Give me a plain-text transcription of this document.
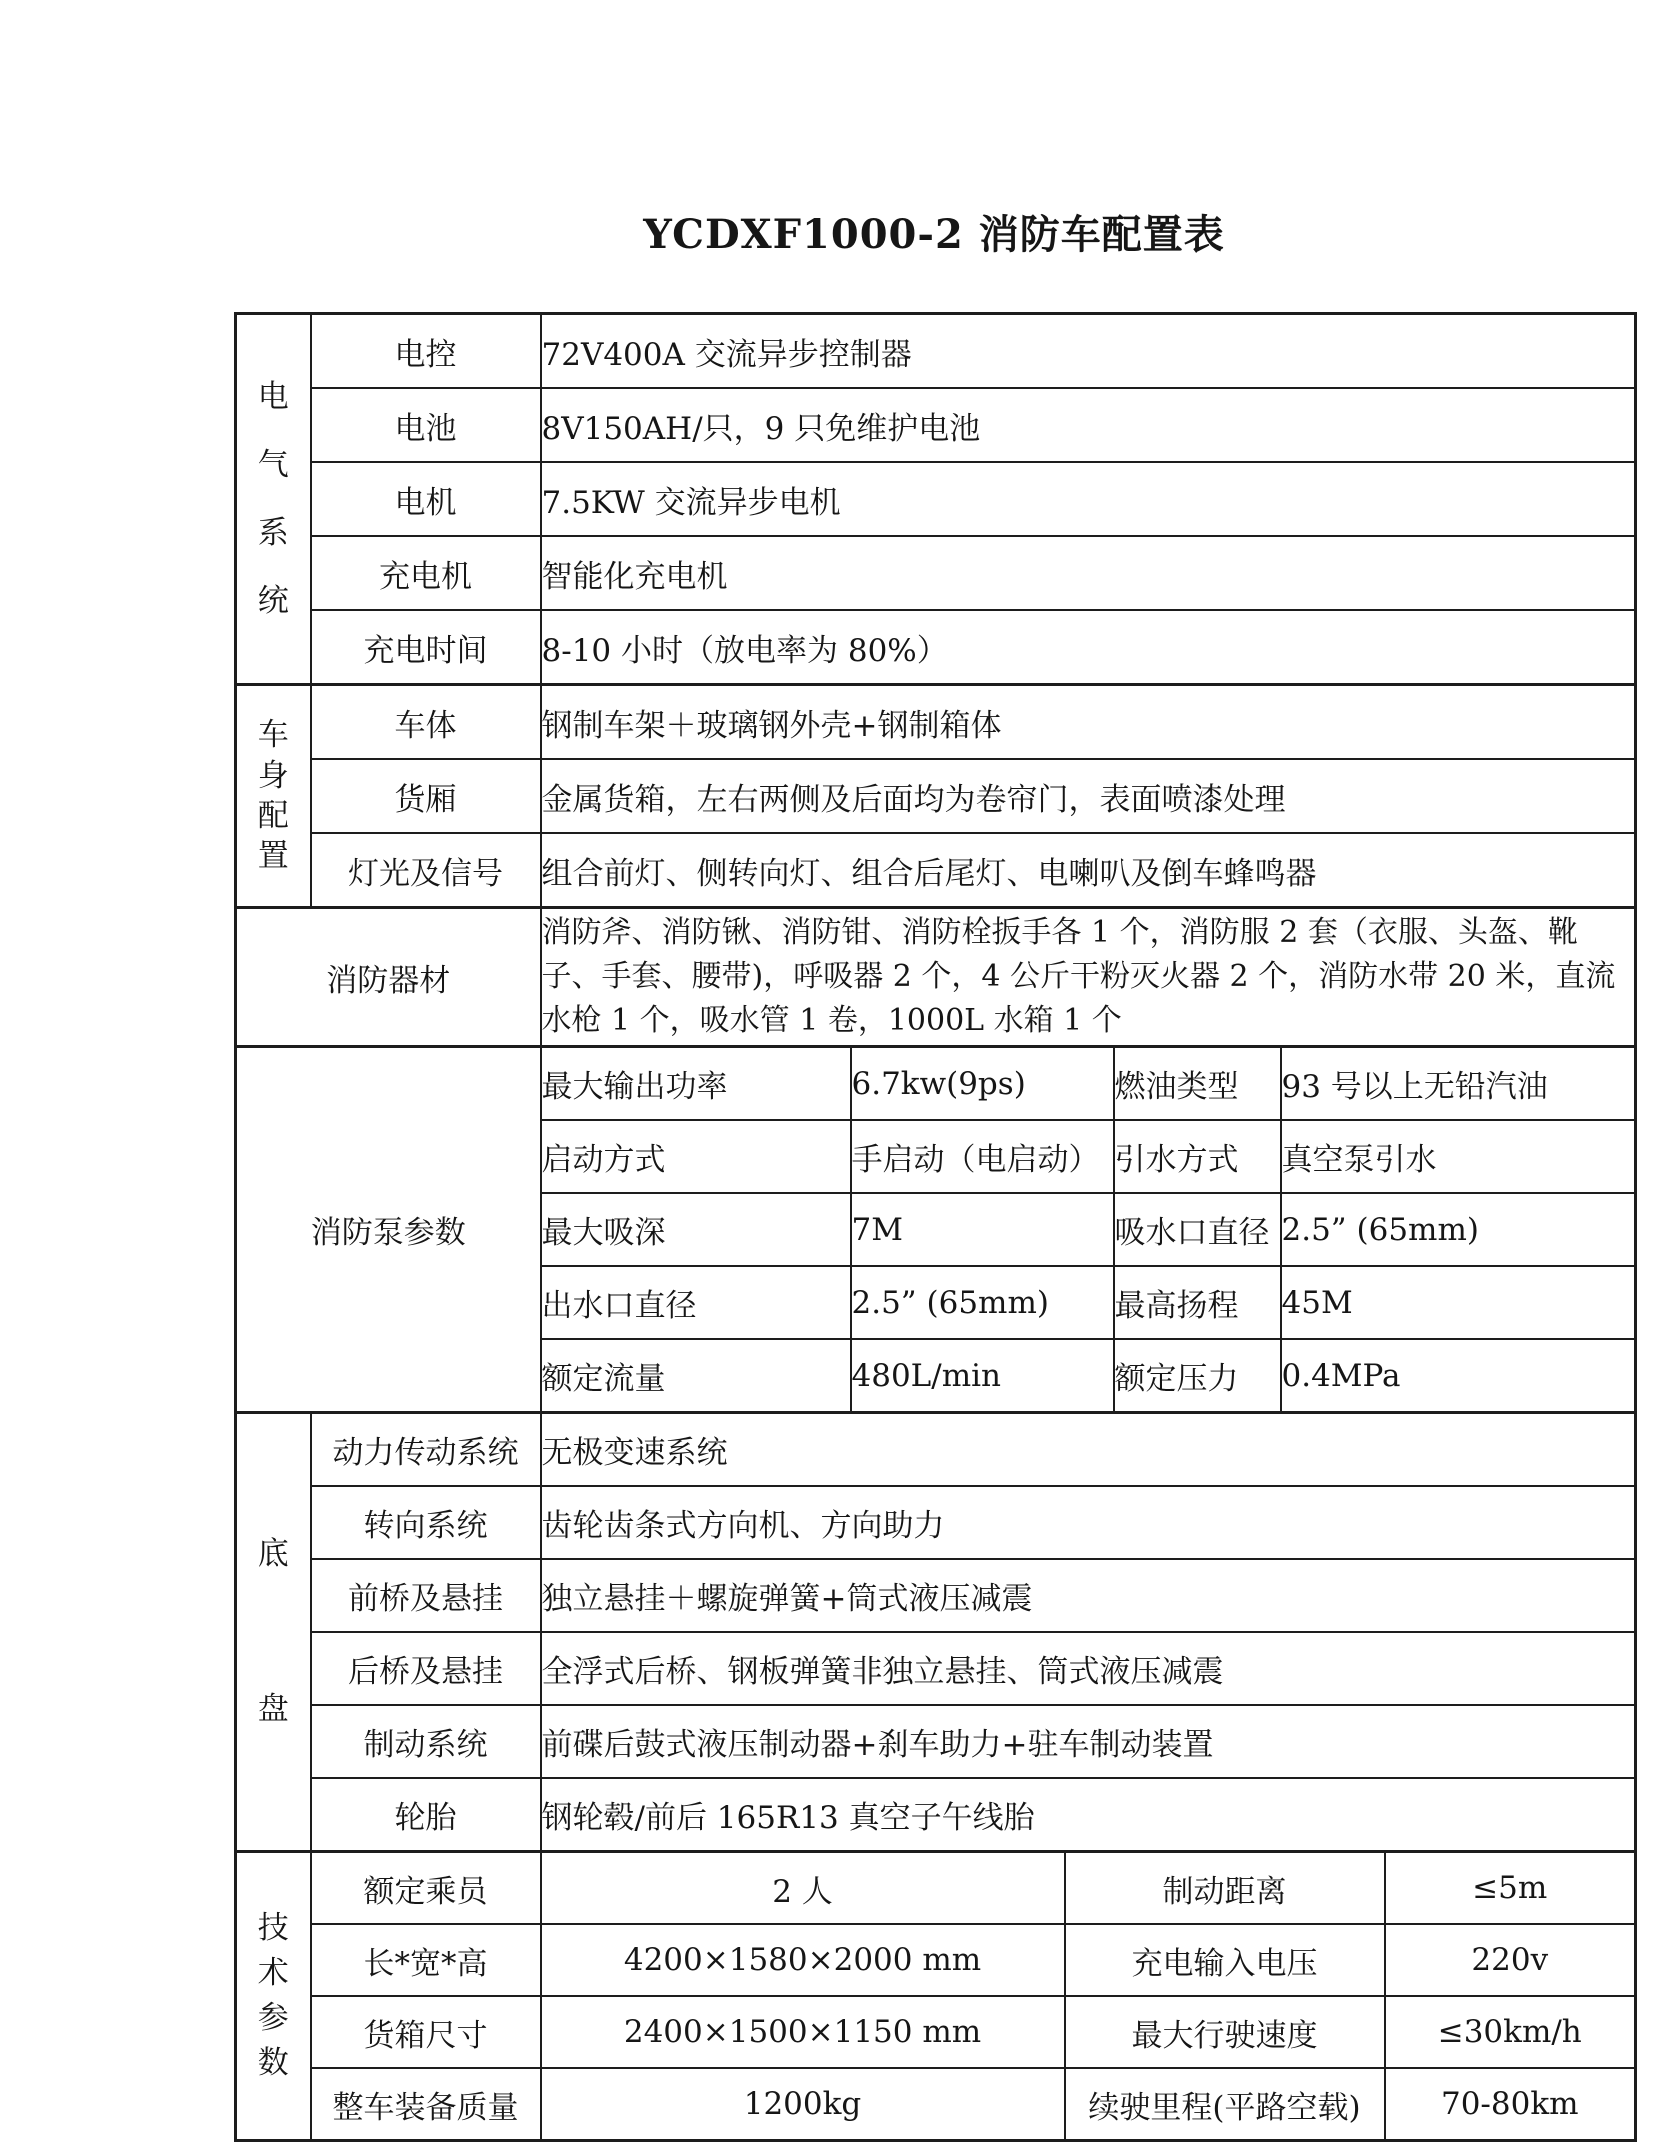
YCDXF1000-2 消防车配置表
电气系统	电控	72V400A 交流异步控制器
	电池	8V150AH/只，9 只免维护电池
	电机	7.5KW 交流异步电机
	充电机	智能化充电机
	充电时间	8-10 小时（放电率为 80%）
车身配置	车体	钢制车架＋玻璃钢外壳+钢制箱体
	货厢	金属货箱，左右两侧及后面均为卷帘门，表面喷漆处理
	灯光及信号	组合前灯、侧转向灯、组合后尾灯、电喇叭及倒车蜂鸣器
消防器材	消防斧、消防锹、消防钳、消防栓扳手各 1 个，消防服 2 套（衣服、头盔、靴子、手套、腰带)，呼吸器 2 个，4 公斤干粉灭火器 2 个，消防水带 20 米，直流水枪 1 个，吸水管 1 卷，1000L 水箱 1 个
消防泵参数	最大输出功率	6.7kw(9ps)	燃油类型	93 号以上无铅汽油
	启动方式	手启动（电启动）	引水方式	真空泵引水
	最大吸深	7M	吸水口直径	2.5” (65mm)
	出水口直径	2.5” (65mm)	最高扬程	45M
	额定流量	480L/min	额定压力	0.4MPa
底盘	动力传动系统	无极变速系统
	转向系统	齿轮齿条式方向机、方向助力
	前桥及悬挂	独立悬挂＋螺旋弹簧+筒式液压减震
	后桥及悬挂	全浮式后桥、钢板弹簧非独立悬挂、筒式液压减震
	制动系统	前碟后鼓式液压制动器+刹车助力+驻车制动装置
	轮胎	钢轮毂/前后 165R13 真空子午线胎
技术参数	额定乘员	2 人	制动距离	≤5m
	长*宽*高	4200×1580×2000 mm	充电输入电压	220v
	货箱尺寸	2400×1500×1150 mm	最大行驶速度	≤30km/h
	整车装备质量	1200kg	续驶里程(平路空载)	70-80km
